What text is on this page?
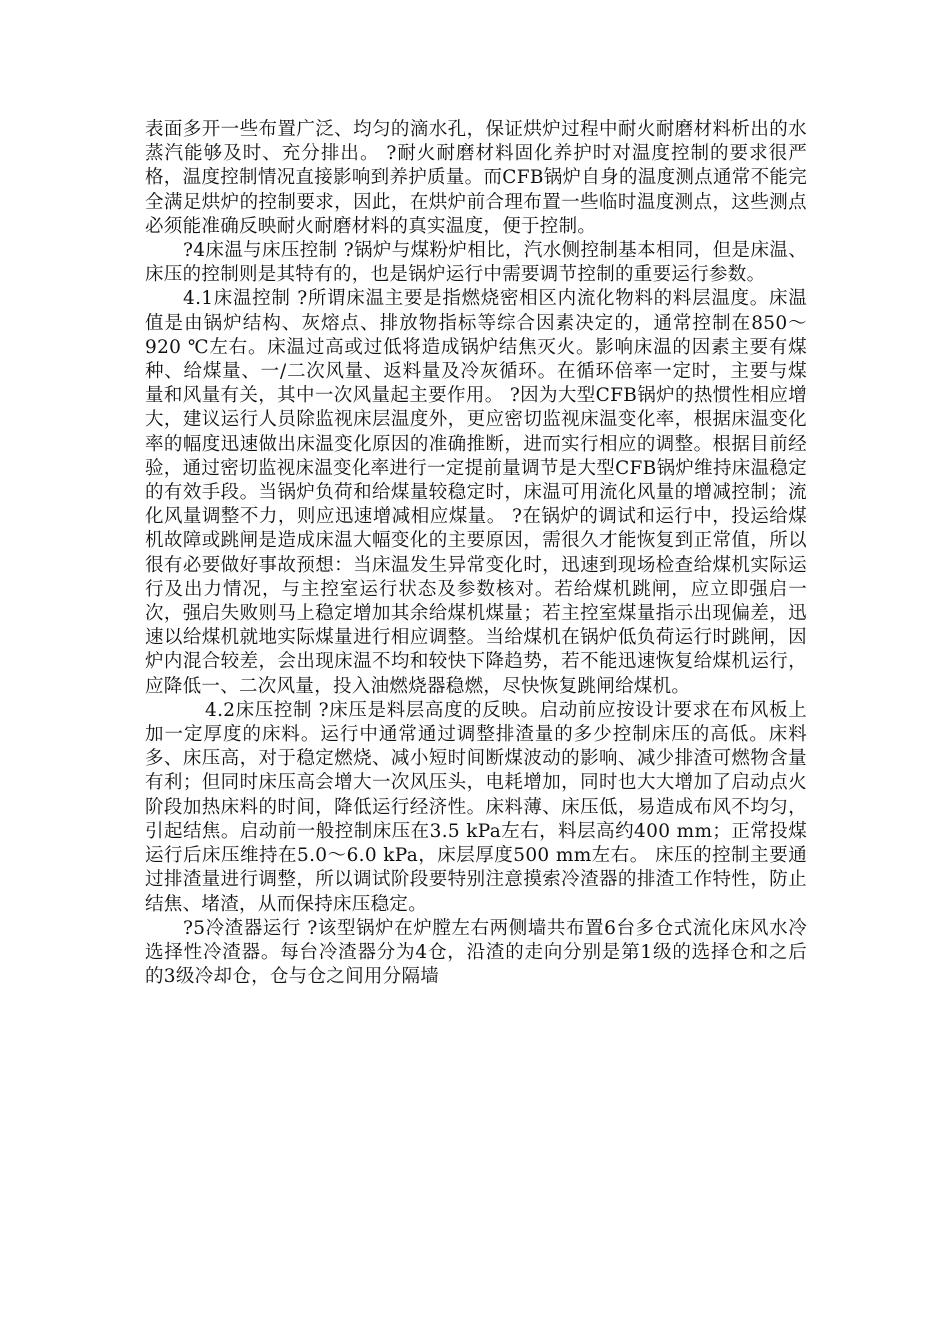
表面多开一些布置广泛、均匀的滴水孔，保证烘炉过程中耐火耐磨材料析出的水蒸汽能够及时、充分排出。 ?耐火耐磨材料固化养护时对温度控制的要求很严格，温度控制情况直接影响到养护质量。而CFB锅炉自身的温度测点通常不能完全满足烘炉的控制要求，因此，在烘炉前合理布置一些临时温度测点，这些测点必须能准确反映耐火耐磨材料的真实温度，便于控制。

?4床温与床压控制 ?锅炉与煤粉炉相比，汽水侧控制基本相同，但是床温、床压的控制则是其特有的，也是锅炉运行中需要调节控制的重要运行参数。

4.1床温控制 ?所谓床温主要是指燃烧密相区内流化物料的料层温度。床温值是由锅炉结构、灰熔点、排放物指标等综合因素决定的，通常控制在850～920 ℃左右。床温过高或过低将造成锅炉结焦灭火。影响床温的因素主要有煤种、给煤量、一/二次风量、返料量及冷灰循环。在循环倍率一定时，主要与煤量和风量有关，其中一次风量起主要作用。 ?因为大型CFB锅炉的热惯性相应增大，建议运行人员除监视床层温度外，更应密切监视床温变化率，根据床温变化率的幅度迅速做出床温变化原因的准确推断，进而实行相应的调整。根据目前经验，通过密切监视床温变化率进行一定提前量调节是大型CFB锅炉维持床温稳定的有效手段。当锅炉负荷和给煤量较稳定时，床温可用流化风量的增减控制；流化风量调整不力，则应迅速增减相应煤量。 ?在锅炉的调试和运行中，投运给煤机故障或跳闸是造成床温大幅变化的主要原因，需很久才能恢复到正常值，所以很有必要做好事故预想：当床温发生异常变化时，迅速到现场检查给煤机实际运行及出力情况，与主控室运行状态及参数核对。若给煤机跳闸，应立即强启一次，强启失败则马上稳定增加其余给煤机煤量；若主控室煤量指示出现偏差，迅速以给煤机就地实际煤量进行相应调整。当给煤机在锅炉低负荷运行时跳闸，因炉内混合较差，会出现床温不均和较快下降趋势，若不能迅速恢复给煤机运行，应降低一、二次风量，投入油燃烧器稳燃，尽快恢复跳闸给煤机。

4.2床压控制 ?床压是料层高度的反映。启动前应按设计要求在布风板上加一定厚度的床料。运行中通常通过调整排渣量的多少控制床压的高低。床料多、床压高，对于稳定燃烧、减小短时间断煤波动的影响、减少排渣可燃物含量有利；但同时床压高会增大一次风压头，电耗增加，同时也大大增加了启动点火阶段加热床料的时间，降低运行经济性。床料薄、床压低，易造成布风不均匀，引起结焦。启动前一般控制床压在3.5 kPa左右，料层高约400 mm；正常投煤运行后床压维持在5.0～6.0 kPa，床层厚度500 mm左右。 床压的控制主要通过排渣量进行调整，所以调试阶段要特别注意摸索冷渣器的排渣工作特性，防止结焦、堵渣，从而保持床压稳定。

?5冷渣器运行 ?该型锅炉在炉膛左右两侧墙共布置6台多仓式流化床风水冷选择性冷渣器。每台冷渣器分为4仓，沿渣的走向分别是第1级的选择仓和之后的3级冷却仓，仓与仓之间用分隔墙
